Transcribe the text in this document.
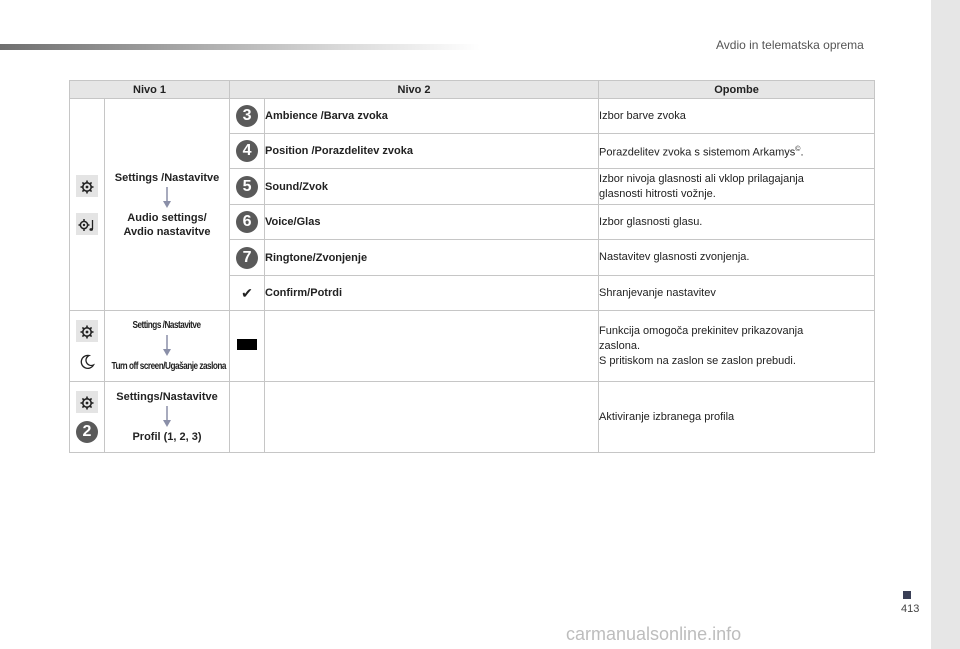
Avdio in telematska oprema
Nivo 1		Nivo 2		Opombe

	Settings /Nastavitve
Audio settings/
Avdio nastavitve	3	Ambience /Barva zvoka	Izbor barve zvoka
		4	Position /Porazdelitev zvoka	Porazdelitev zvoka s sistemom Arkamys©.
		5	Sound/Zvok	Izbor nivoja glasnosti ali vklop prilagajanja
glasnosti hitrosti vožnje.
		6	Voice/Glas	Izbor glasnosti glasu.
		7	Ringtone/Zvonjenje	Nastavitev glasnosti zvonjenja.
		✔	Confirm/Potrdi	Shranjevanje nastavitev

	Settings /Nastavitve
Turn off screen/Ugašanje zaslona			Funkcija omogoča prekinitev prikazovanja
zaslona.
S pritiskom na zaslon se zaslon prebudi.

2	Settings/Nastavitve
Profil (1, 2, 3)			Aktiviranje izbranega profila
413
carmanualsonline.info
